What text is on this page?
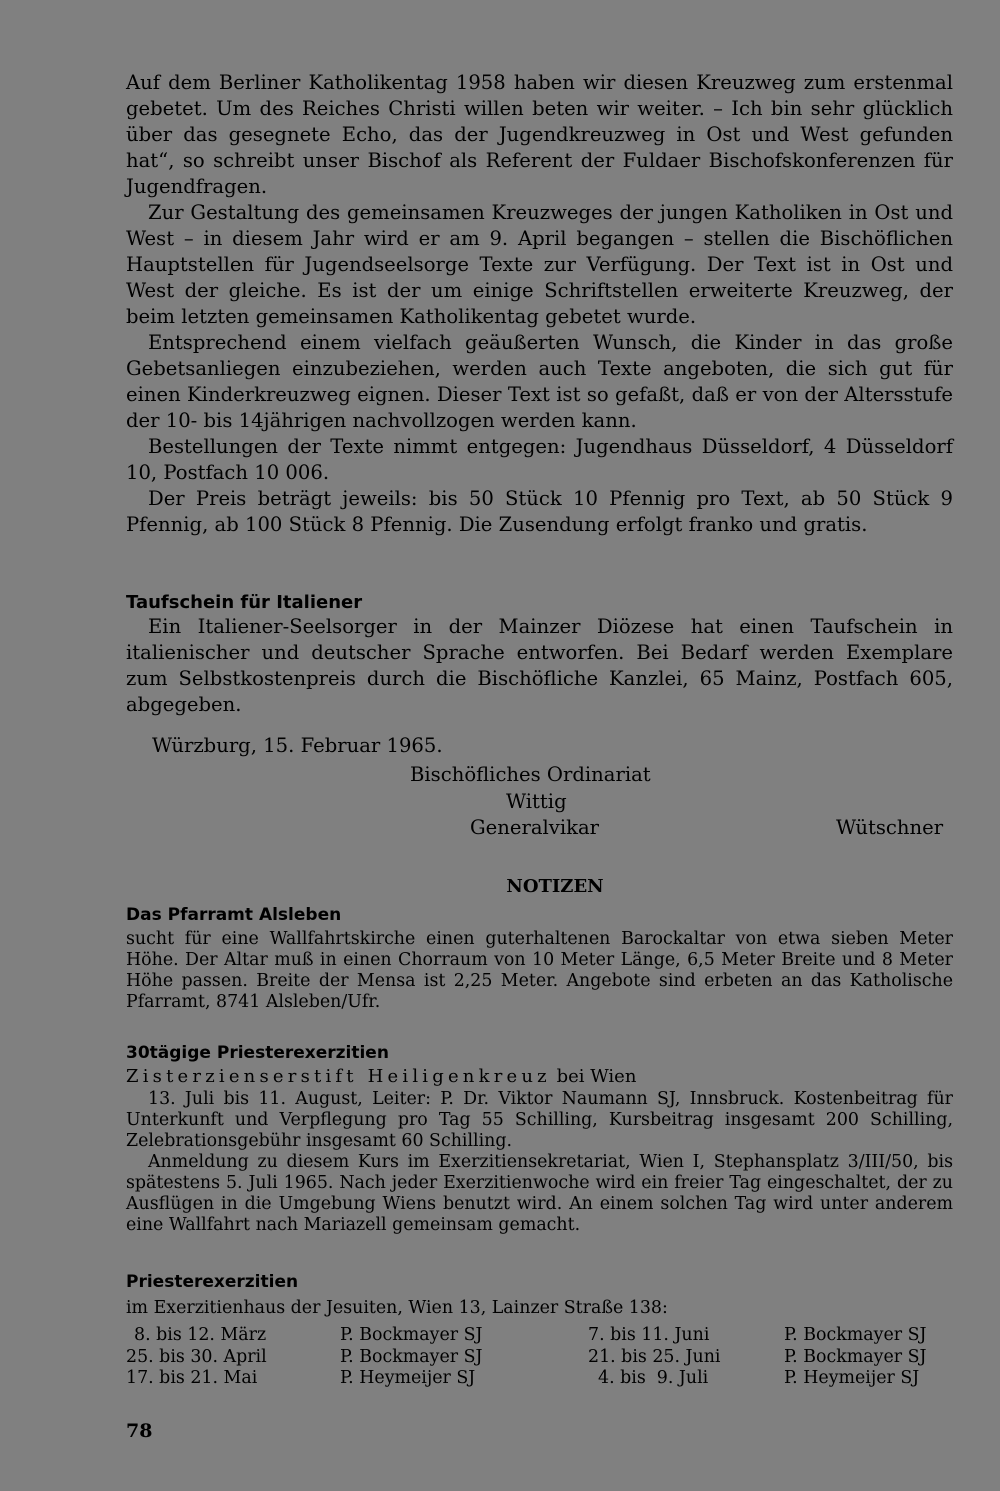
Auf dem Berliner Katholikentag 1958 haben wir diesen Kreuzweg zum erstenmal gebetet. Um des Reiches Christi willen beten wir weiter. – Ich bin sehr glücklich über das gesegnete Echo, das der Jugendkreuzweg in Ost und West gefunden hat“, so schreibt unser Bischof als Referent der Fuldaer Bischofskonferenzen für Jugendfragen.

Zur Gestaltung des gemeinsamen Kreuzweges der jungen Katholiken in Ost und West – in diesem Jahr wird er am 9. April begangen – stellen die Bischöflichen Hauptstellen für Jugendseelsorge Texte zur Verfügung. Der Text ist in Ost und West der gleiche. Es ist der um einige Schriftstellen erweiterte Kreuzweg, der beim letzten gemeinsamen Katholikentag gebetet wurde.

Entsprechend einem vielfach geäußerten Wunsch, die Kinder in das große Gebetsanliegen einzubeziehen, werden auch Texte angeboten, die sich gut für einen Kinderkreuzweg eignen. Dieser Text ist so gefaßt, daß er von der Altersstufe der 10- bis 14jährigen nachvollzogen werden kann.

Bestellungen der Texte nimmt entgegen: Jugendhaus Düsseldorf, 4 Düsseldorf 10, Postfach 10 006.

Der Preis beträgt jeweils: bis 50 Stück 10 Pfennig pro Text, ab 50 Stück 9 Pfennig, ab 100 Stück 8 Pfennig. Die Zusendung erfolgt franko und gratis.

Taufschein für Italiener

Ein Italiener-Seelsorger in der Mainzer Diözese hat einen Taufschein in italienischer und deutscher Sprache entworfen. Bei Bedarf werden Exemplare zum Selbstkostenpreis durch die Bischöfliche Kanzlei, 65 Mainz, Postfach 605, abgegeben.

Würzburg, 15. Februar 1965.
Bischöfliches Ordinariat
Wittig
Generalvikar	Wütschner
NOTIZEN

Das Pfarramt Alsleben

sucht für eine Wallfahrtskirche einen guterhaltenen Barockaltar von etwa sieben Meter Höhe. Der Altar muß in einen Chorraum von 10 Meter Länge, 6,5 Meter Breite und 8 Meter Höhe passen. Breite der Mensa ist 2,25 Meter. Angebote sind erbeten an das Katholische Pfarramt, 8741 Alsleben/Ufr.

30tägige Priesterexerzitien

Zisterzienserstift Heiligenkreuz bei Wien

13. Juli bis 11. August, Leiter: P. Dr. Viktor Naumann SJ, Innsbruck. Kostenbeitrag für Unterkunft und Verpflegung pro Tag 55 Schilling, Kursbeitrag insgesamt 200 Schilling, Zelebrationsgebühr insgesamt 60 Schilling.

Anmeldung zu diesem Kurs im Exerzitiensekretariat, Wien I, Stephansplatz 3/III/50, bis spätestens 5. Juli 1965. Nach jeder Exerzitienwoche wird ein freier Tag eingeschaltet, der zu Ausflügen in die Umgebung Wiens benutzt wird. An einem solchen Tag wird unter anderem eine Wallfahrt nach Mariazell gemeinsam gemacht.

Priesterexerzitien

im Exerzitienhaus der Jesuiten, Wien 13, Lainzer Straße 138:

8. bis 12. März	P. Bockmayer SJ	7. bis 11. Juni	P. Bockmayer SJ
25. bis 30. April	P. Bockmayer SJ	21. bis 25. Juni	P. Bockmayer SJ
17. bis 21. Mai	P. Heymeijer SJ	4. bis  9. Juli	P. Heymeijer SJ
78
